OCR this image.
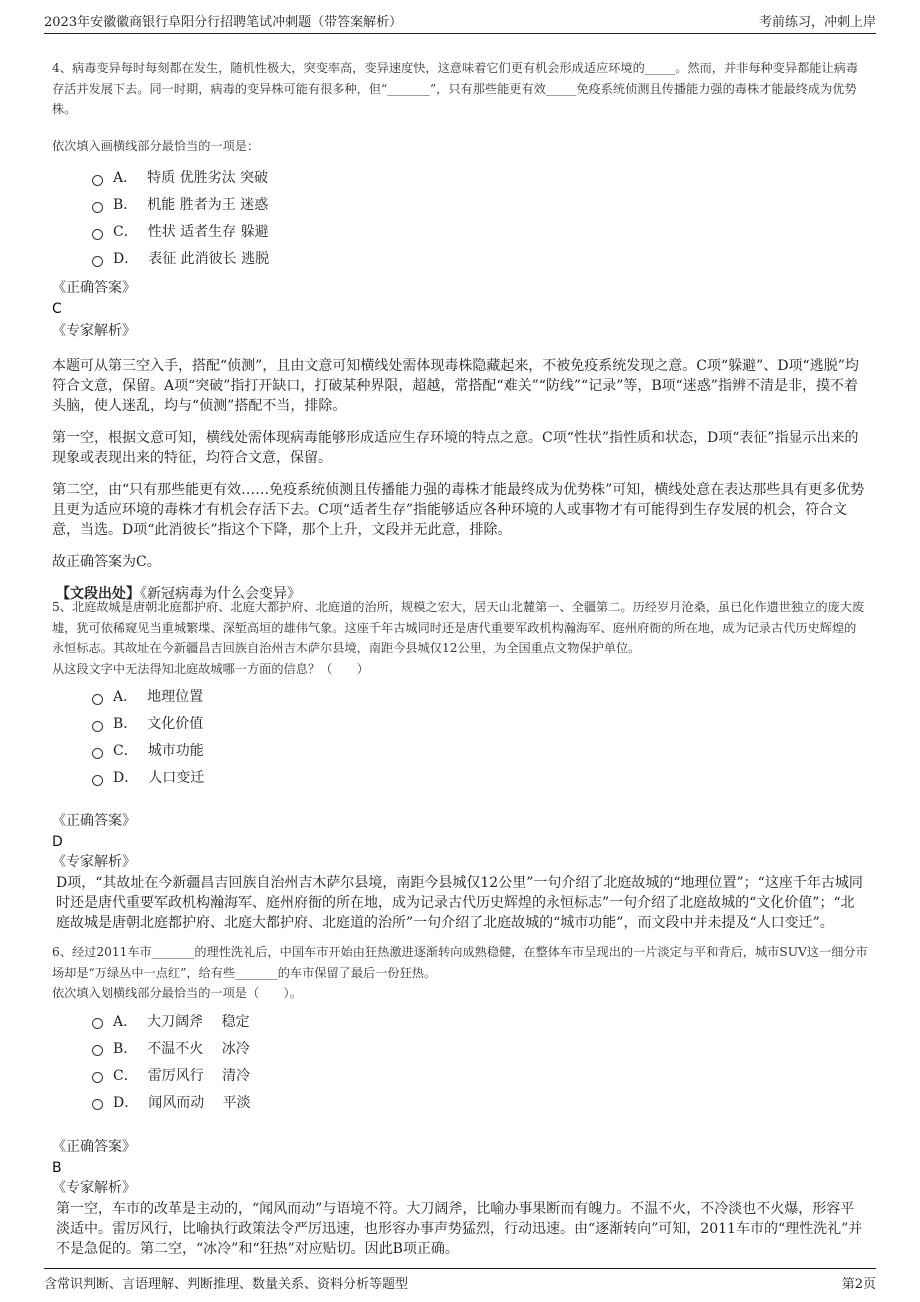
2023年安徽徽商银行阜阳分行招聘笔试冲刺题（带答案解析）	考前练习，冲刺上岸

4、病毒变异每时每刻都在发生，随机性极大，突变率高，变异速度快，这意味着它们更有机会形成适应环境的_____。然而，并非每种变异都能让病毒存活并发展下去。同一时期，病毒的变异株可能有很多种，但“_______”，只有那些能更有效_____免疫系统侦测且传播能力强的毒株才能最终成为优势株。

依次填入画横线部分最恰当的一项是：

A． 特质 优胜劣汰 突破
B． 机能 胜者为王 迷惑
C． 性状 适者生存 躲避
D． 表征 此消彼长 逃脱

《正确答案》

C

《专家解析》

本题可从第三空入手，搭配“侦测”，且由文意可知横线处需体现毒株隐藏起来，不被免疫系统发现之意。C项“躲避”、D项“逃脱”均符合文意，保留。A项“突破”指打开缺口，打破某种界限，超越，常搭配“难关”“防线”“记录”等，B项“迷惑”指辨不清是非，摸不着头脑，使人迷乱，均与“侦测”搭配不当，排除。

第一空，根据文意可知，横线处需体现病毒能够形成适应生存环境的特点之意。C项“性状”指性质和状态，D项“表征”指显示出来的现象或表现出来的特征，均符合文意，保留。

第二空，由“只有那些能更有效……免疫系统侦测且传播能力强的毒株才能最终成为优势株”可知，横线处意在表达那些具有更多优势且更为适应环境的毒株才有机会存活下去。C项“适者生存”指能够适应各种环境的人或事物才有可能得到生存发展的机会，符合文意，当选。D项“此消彼长”指这个下降，那个上升，文段并无此意，排除。

故正确答案为C。

【文段出处】《新冠病毒为什么会变异》

5、北庭故城是唐朝北庭都护府、北庭大都护府、北庭道的治所，规模之宏大，居天山北麓第一、全疆第二。历经岁月沧桑，虽已化作遗世独立的庞大废墟，犹可依稀窥见当重城繁堞、深堑高垣的雄伟气象。这座千年古城同时还是唐代重要军政机构瀚海军、庭州府衙的所在地，成为记录古代历史辉煌的永恒标志。其故址在今新疆昌吉回族自治州吉木萨尔县境，南距今县城仅12公里，为全国重点文物保护单位。

从这段文字中无法得知北庭故城哪一方面的信息？（　　）

A． 地理位置
B． 文化价值
C． 城市功能
D． 人口变迁

《正确答案》

D

《专家解析》

D项，“其故址在今新疆昌吉回族自治州吉木萨尔县境，南距今县城仅12公里”一句介绍了北庭故城的“地理位置”；“这座千年古城同时还是唐代重要军政机构瀚海军、庭州府衙的所在地，成为记录古代历史辉煌的永恒标志”一句介绍了北庭故城的“文化价值”；“北庭故城是唐朝北庭都护府、北庭大都护府、北庭道的治所”一句介绍了北庭故城的“城市功能”，而文段中并未提及“人口变迁”。

6、经过2011车市_______的理性洗礼后，中国车市开始由狂热激进逐渐转向成熟稳健，在整体车市呈现出的一片淡定与平和背后，城市SUV这一细分市场却是“万绿丛中一点红”，给有些_______的车市保留了最后一份狂热。

依次填入划横线部分最恰当的一项是（　　）。

A． 大刀阔斧　 稳定
B． 不温不火　 冰冷
C． 雷厉风行　 清冷
D． 闻风而动　 平淡

《正确答案》

B

《专家解析》

第一空，车市的改革是主动的，“闻风而动”与语境不符。大刀阔斧，比喻办事果断而有魄力。不温不火，不冷淡也不火爆，形容平淡适中。雷厉风行，比喻执行政策法令严厉迅速，也形容办事声势猛烈，行动迅速。由“逐渐转向”可知，2011车市的“理性洗礼”并不是急促的。第二空，“冰冷”和“狂热”对应贴切。因此B项正确。

含常识判断、言语理解、判断推理、数量关系、资料分析等题型	第2页
